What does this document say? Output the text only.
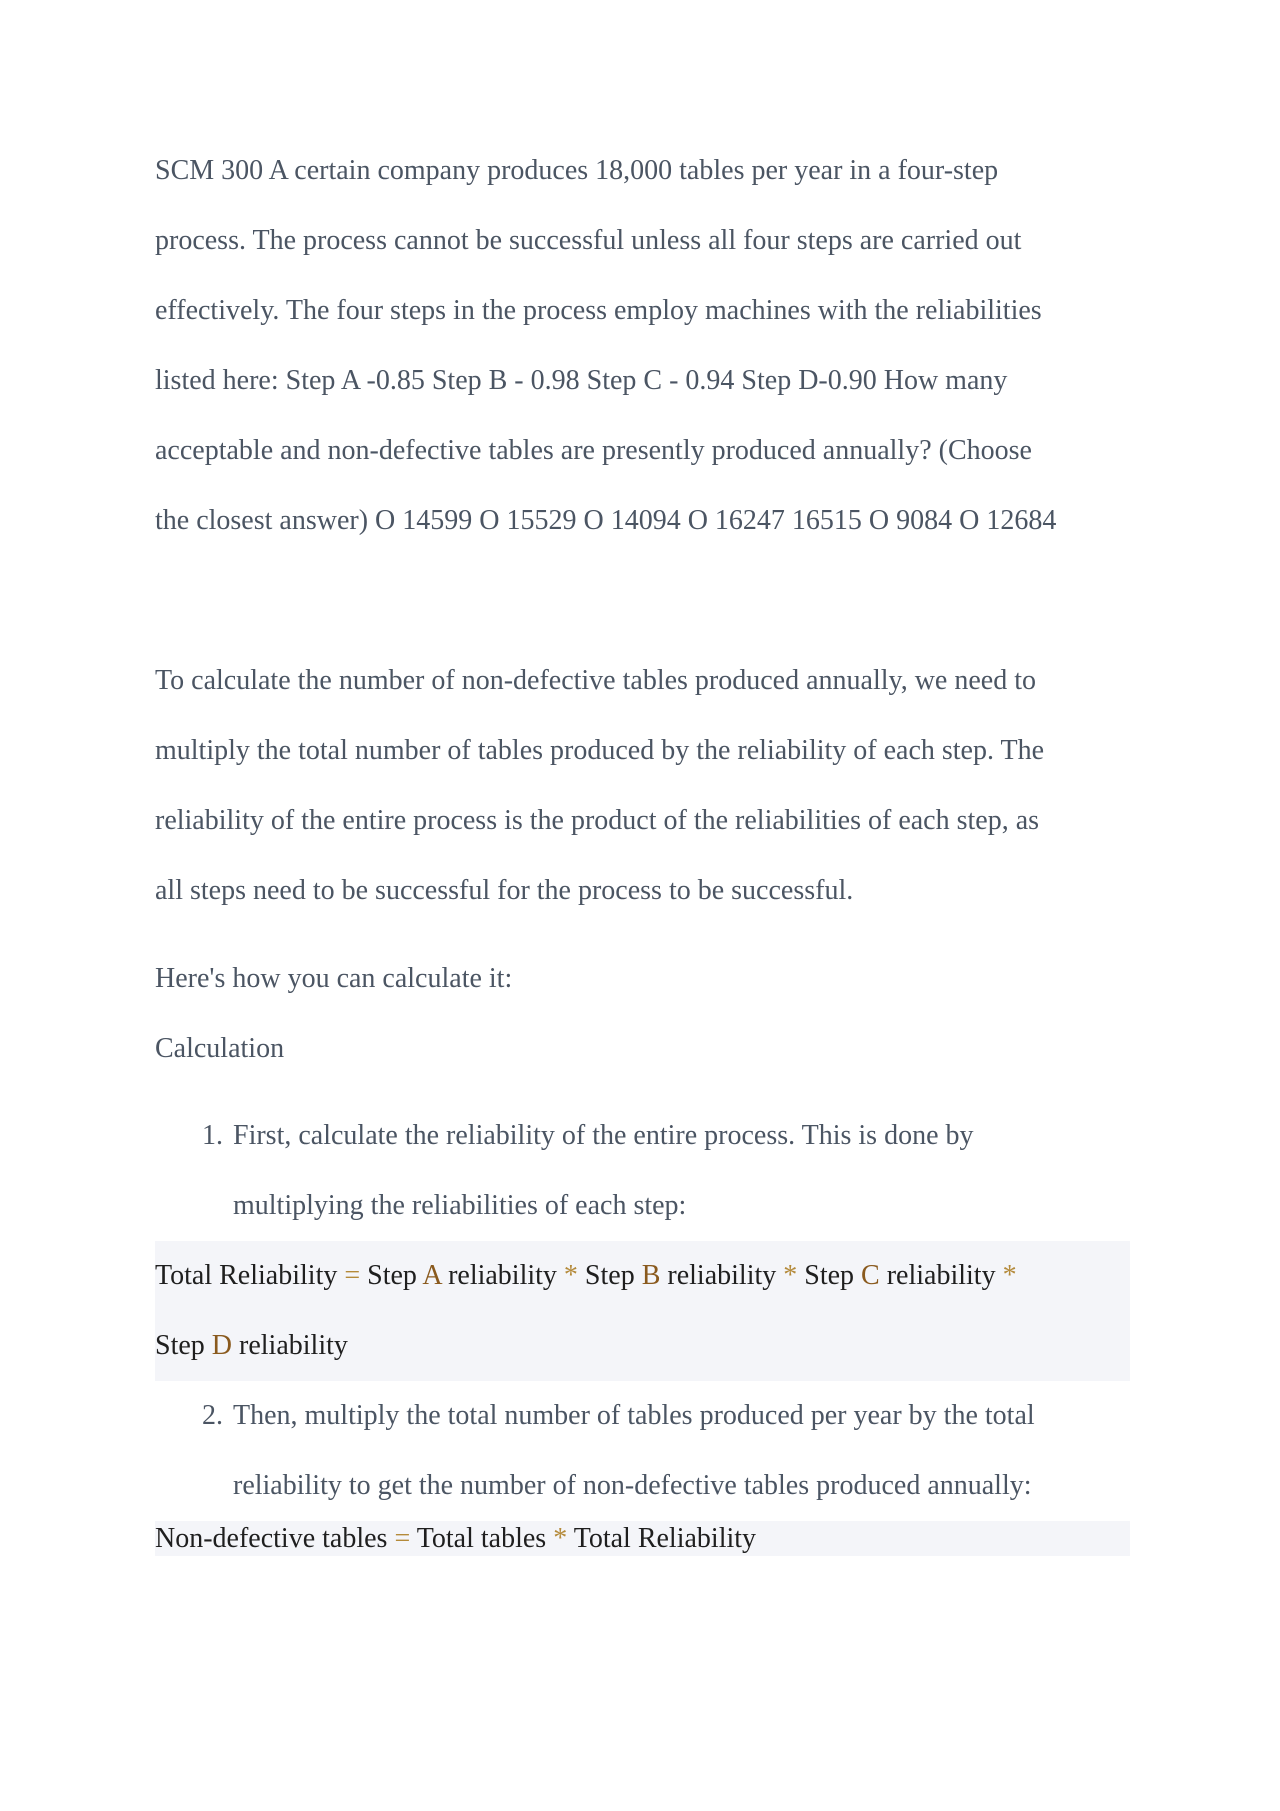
SCM 300 A certain company produces 18,000 tables per year in a four-step

process. The process cannot be successful unless all four steps are carried out

effectively. The four steps in the process employ machines with the reliabilities

listed here: Step A -0.85 Step B - 0.98 Step C - 0.94 Step D-0.90 How many

acceptable and non-defective tables are presently produced annually? (Choose

the closest answer) O 14599 O 15529 O 14094 O 16247 16515 O 9084 O 12684

To calculate the number of non-defective tables produced annually, we need to

multiply the total number of tables produced by the reliability of each step. The

reliability of the entire process is the product of the reliabilities of each step, as

all steps need to be successful for the process to be successful.

Here's how you can calculate it:

Calculation

1. First, calculate the reliability of the entire process. This is done by
multiplying the reliabilities of each step:
Total Reliability = Step A reliability * Step B reliability * Step C reliability *
Step D reliability
2. Then, multiply the total number of tables produced per year by the total
reliability to get the number of non-defective tables produced annually:
Non-defective tables = Total tables * Total Reliability
